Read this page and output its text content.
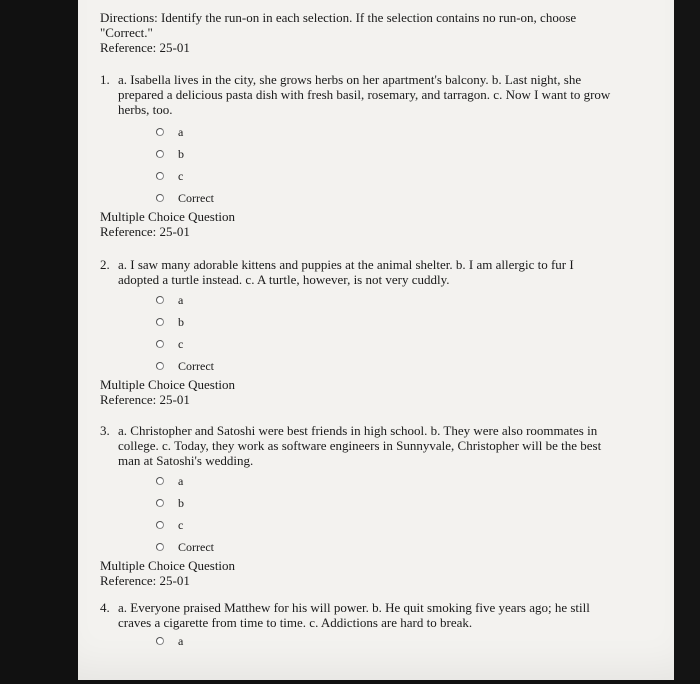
Directions: Identify the run-on in each selection. If the selection contains no run-on, choose
"Correct."
Reference: 25-01
1. a. Isabella lives in the city, she grows herbs on her apartment's balcony. b. Last night, she prepared a delicious pasta dish with fresh basil, rosemary, and tarragon. c. Now I want to grow herbs, too.
a
b
c
Correct
Multiple Choice Question
Reference: 25-01
2. a. I saw many adorable kittens and puppies at the animal shelter. b. I am allergic to fur I adopted a turtle instead. c. A turtle, however, is not very cuddly.
a
b
c
Correct
Multiple Choice Question
Reference: 25-01
3. a. Christopher and Satoshi were best friends in high school. b. They were also roommates in college. c. Today, they work as software engineers in Sunnyvale, Christopher will be the best man at Satoshi's wedding.
a
b
c
Correct
Multiple Choice Question
Reference: 25-01
4. a. Everyone praised Matthew for his will power. b. He quit smoking five years ago; he still craves a cigarette from time to time. c. Addictions are hard to break.
a
